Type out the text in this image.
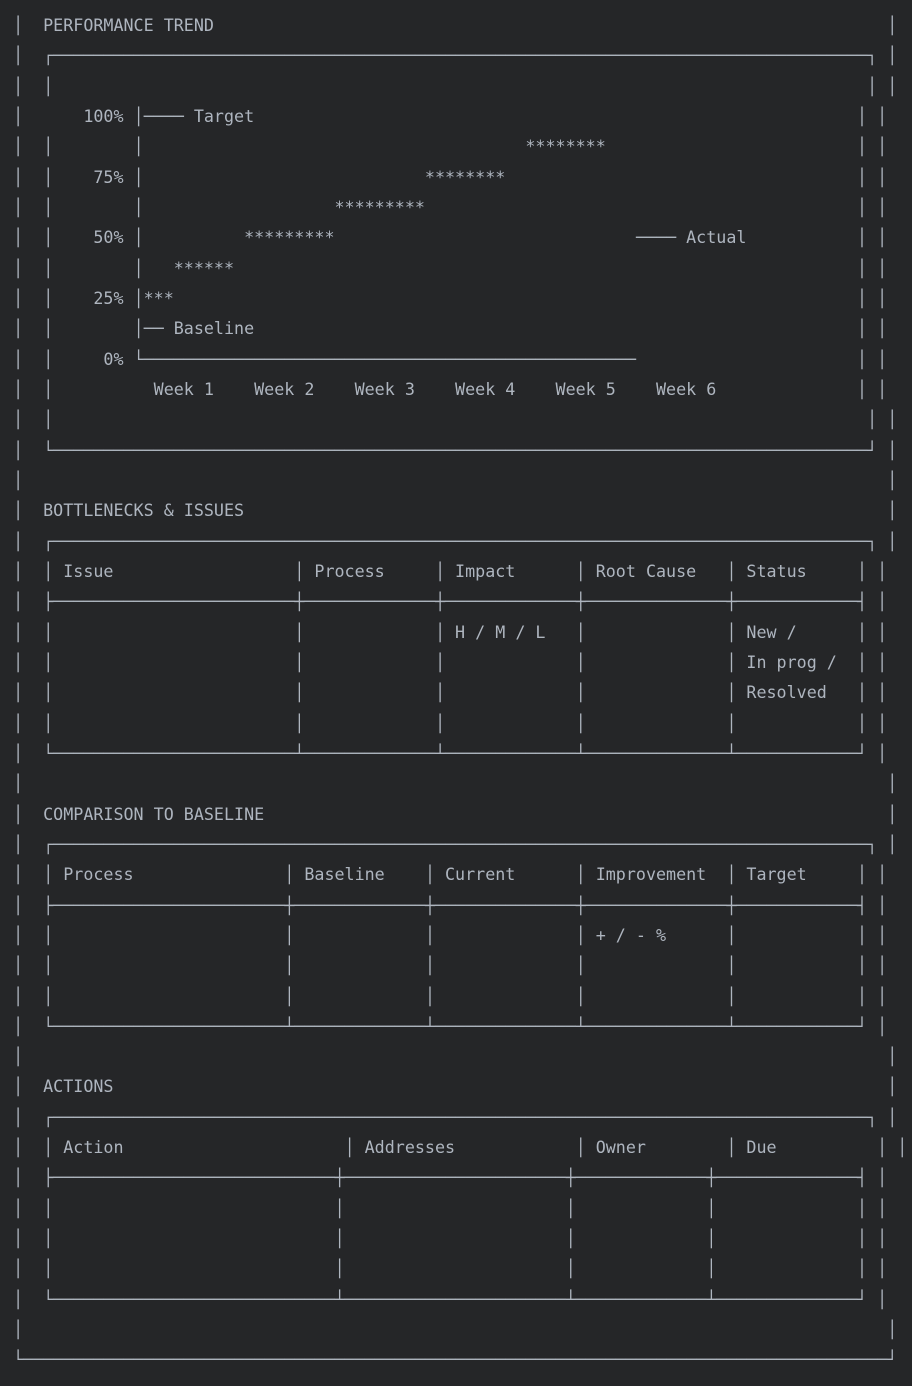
│  PERFORMANCE TREND                                                                   │
│  ┌─────────────────────────────────────────────────────────────────────────────────┐ │
│  │                                                                                 │ │
│      100% │──── Target                                                            │ │
│  │        │                                      ********                         │ │
│  │    75% │                            ********                                   │ │
│  │        │                   *********                                           │ │
│  │    50% │          *********                              ──── Actual           │ │
│  │        │   ******                                                              │ │
│  │    25% │***                                                                    │ │
│  │        │── Baseline                                                            │ │
│  │     0% └─────────────────────────────────────────────────                      │ │
│  │          Week 1    Week 2    Week 3    Week 4    Week 5    Week 6              │ │
│  │                                                                                 │ │
│  └─────────────────────────────────────────────────────────────────────────────────┘ │
│                                                                                      │
│  BOTTLENECKS & ISSUES                                                                │
│  ┌─────────────────────────────────────────────────────────────────────────────────┐ │
│  │ Issue                  │ Process     │ Impact      │ Root Cause   │ Status     │ │
│  ├────────────────────────┼─────────────┼─────────────┼──────────────┼────────────┤ │
│  │                        │             │ H / M / L   │              │ New /      │ │
│  │                        │             │             │              │ In prog /  │ │
│  │                        │             │             │              │ Resolved   │ │
│  │                        │             │             │              │            │ │
│  └────────────────────────┴─────────────┴─────────────┴──────────────┴────────────┘ │
│                                                                                      │
│  COMPARISON TO BASELINE                                                              │
│  ┌─────────────────────────────────────────────────────────────────────────────────┐ │
│  │ Process               │ Baseline    │ Current      │ Improvement  │ Target     │ │
│  ├───────────────────────┼─────────────┼──────────────┼──────────────┼────────────┤ │
│  │                       │             │              │ + / - %      │            │ │
│  │                       │             │              │              │            │ │
│  │                       │             │              │              │            │ │
│  └───────────────────────┴─────────────┴──────────────┴──────────────┴────────────┘ │
│                                                                                      │
│  ACTIONS                                                                             │
│  ┌─────────────────────────────────────────────────────────────────────────────────┐ │
│  │ Action                      │ Addresses            │ Owner        │ Due          │ │
│  ├────────────────────────────┼──────────────────────┼─────────────┼──────────────┤ │
│  │                            │                      │             │              │ │
│  │                            │                      │             │              │ │
│  │                            │                      │             │              │ │
│  └────────────────────────────┴──────────────────────┴─────────────┴──────────────┘ │
│                                                                                      │
└──────────────────────────────────────────────────────────────────────────────────────┘
